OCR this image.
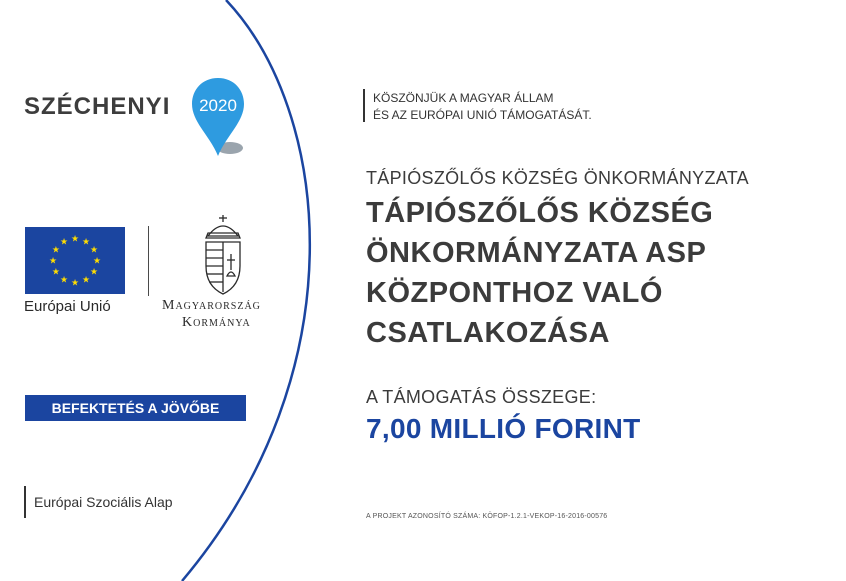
SZÉCHENYI 2020
★ ★
★
★
★
★
★
★
★
★
★
★
Európai Unió	Magyarország
Kormánya
BEFEKTETÉS A JÖVŐBE
Európai Szociális Alap
KÖSZÖNJÜK A MAGYAR ÁLLAM
ÉS AZ EURÓPAI UNIÓ TÁMOGATÁSÁT.
TÁPIÓSZŐLŐS KÖZSÉG ÖNKORMÁNYZATA
TÁPIÓSZŐLŐS KÖZSÉG ÖNKORMÁNYZATA ASP KÖZPONTHOZ VALÓ CSATLAKOZÁSA
A TÁMOGATÁS ÖSSZEGE:
7,00 MILLIÓ FORINT
A PROJEKT AZONOSÍTÓ SZÁMA: KÖFOP-1.2.1-VEKOP-16-2016-00576
